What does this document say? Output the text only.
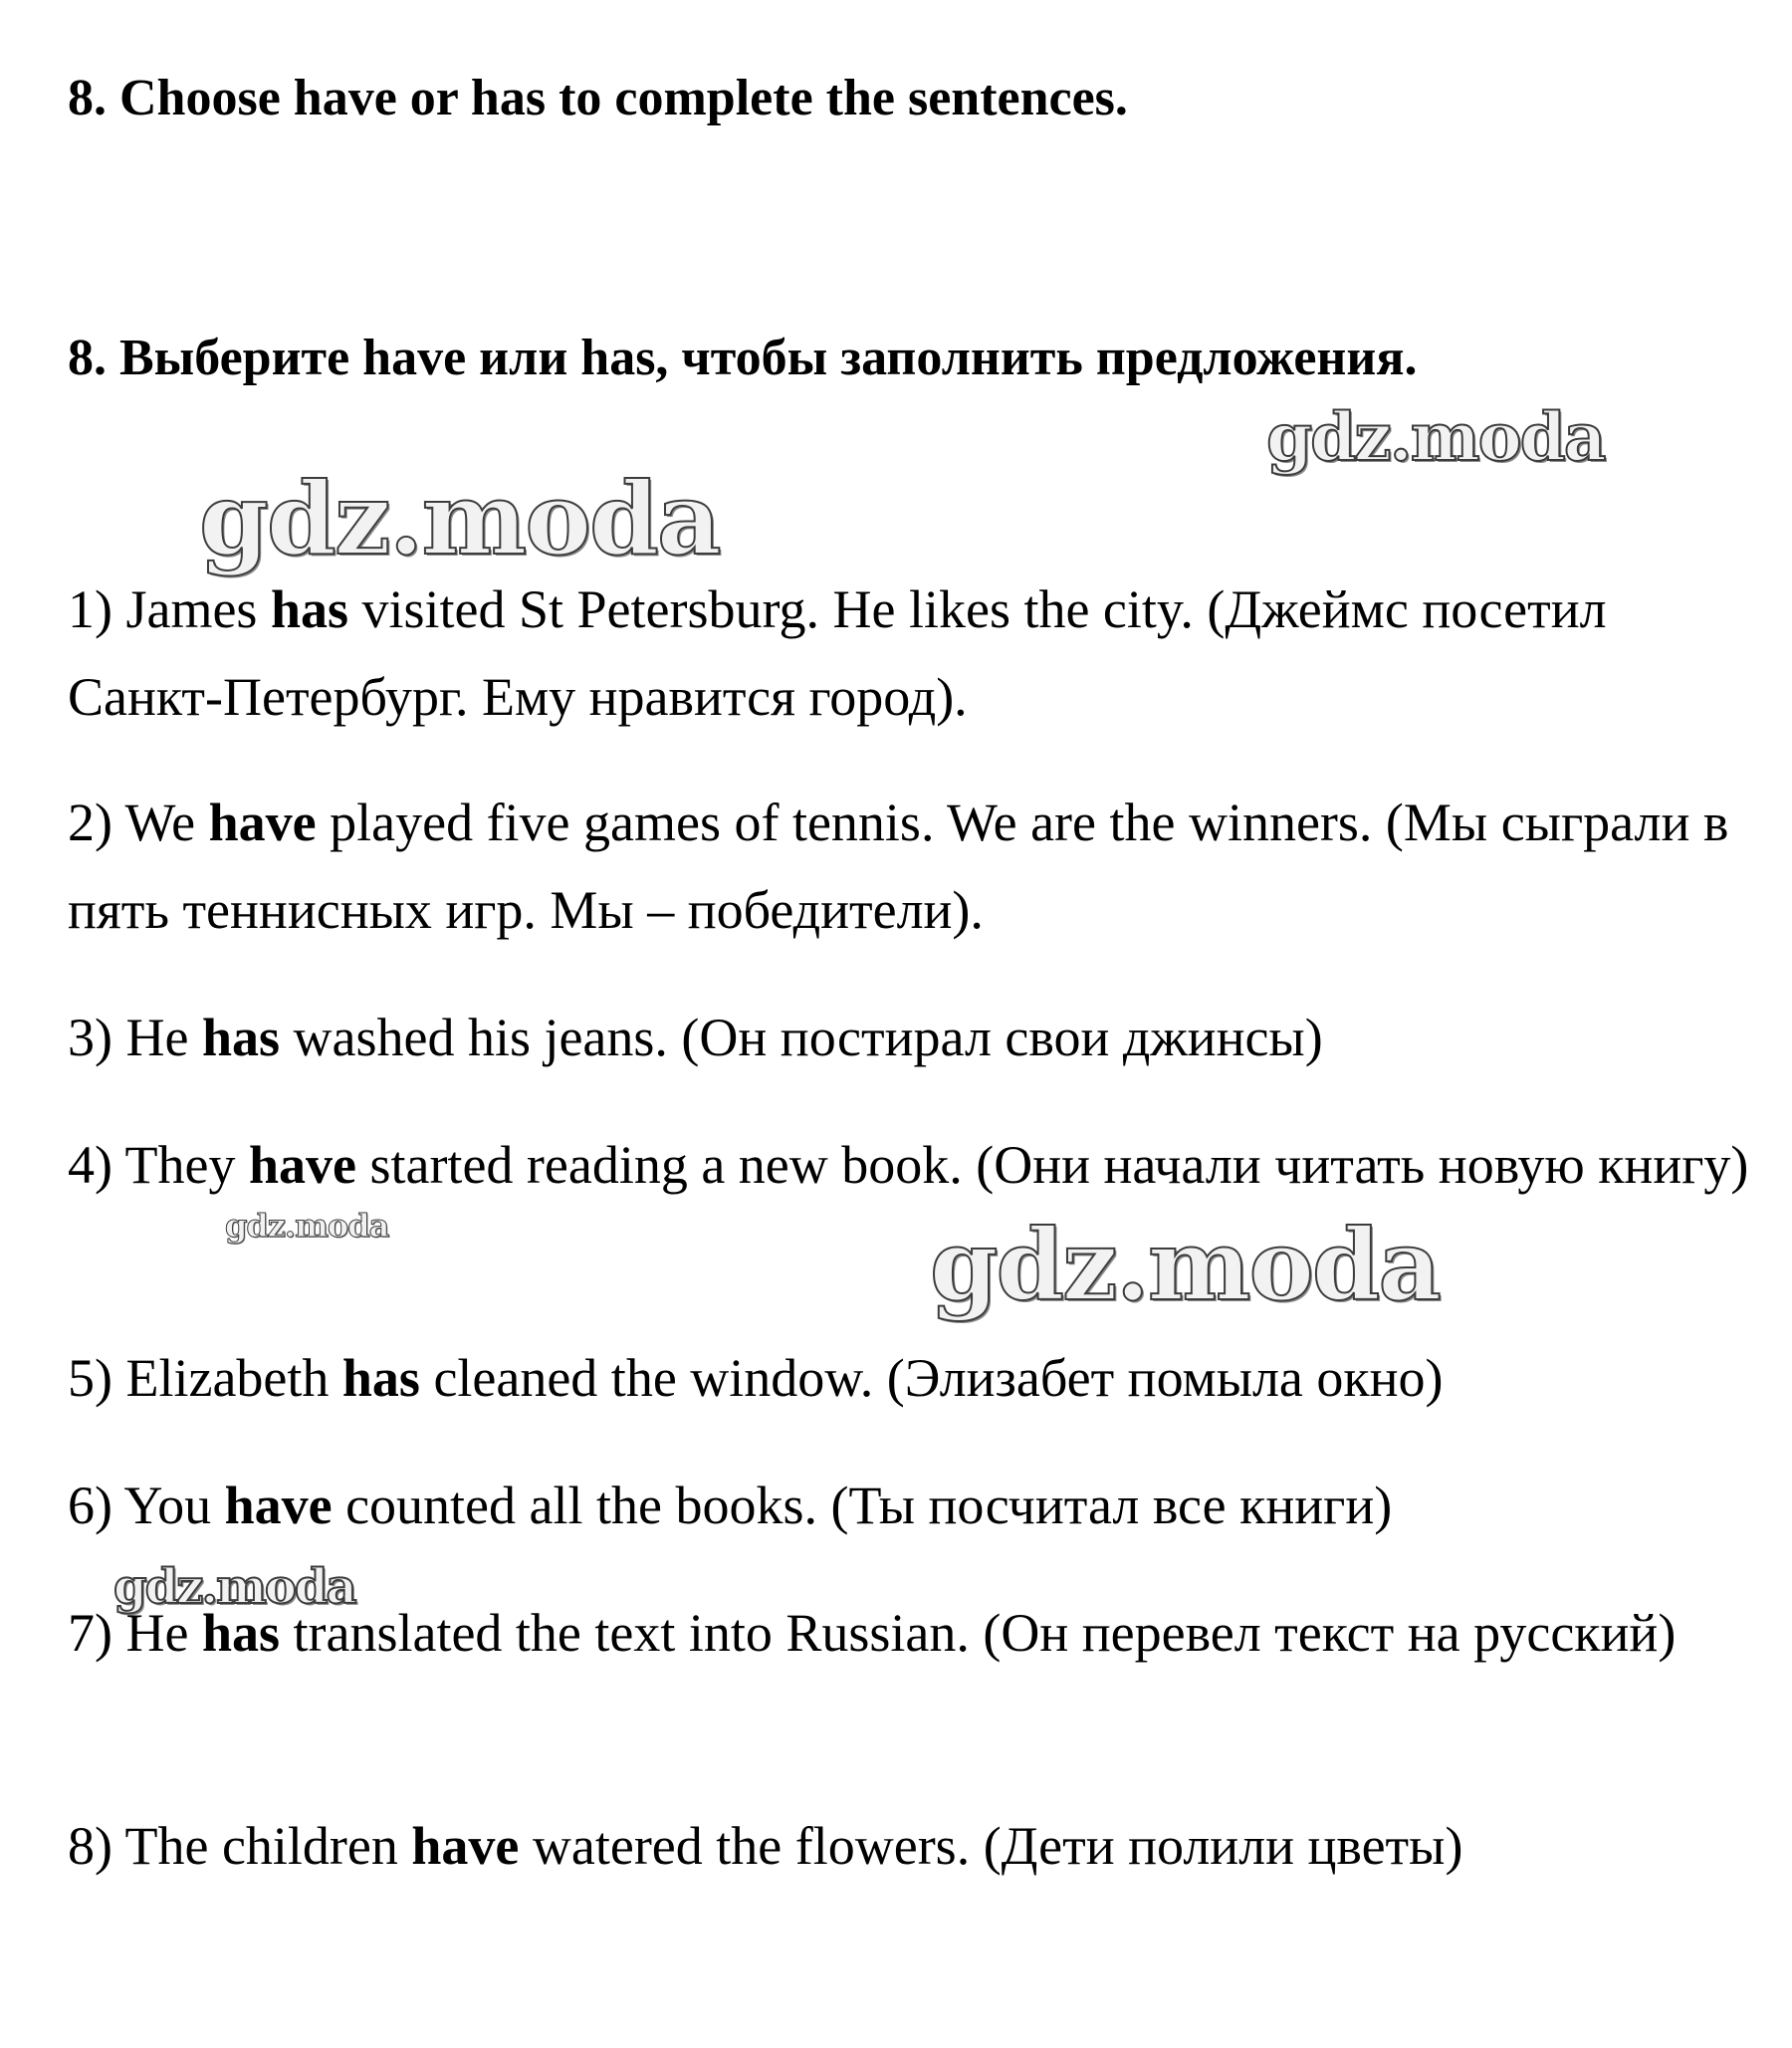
8. Choose have or has to complete the sentences.
8. Выберите have или has, чтобы заполнить предложения.
gdz.moda
gdz.moda

1) James has visited St Petersburg. He likes the city. (Джеймс посетил Санкт-Петербург. Ему нравится город).

2) We have played five games of tennis. We are the winners. (Мы сыграли в пять теннисных игр. Мы – победители).

3) He has washed his jeans. (Он постирал свои джинсы)

4) They have started reading a new book. (Они начали читать новую книгу)

gdz.moda	gdz.moda

5) Elizabeth has cleaned the window. (Элизабет помыла окно)

6) You have counted all the books. (Ты посчитал все книги)

gdz.moda

7) He has translated the text into Russian. (Он перевел текст на русский)

8) The children have watered the flowers. (Дети полили цветы)
